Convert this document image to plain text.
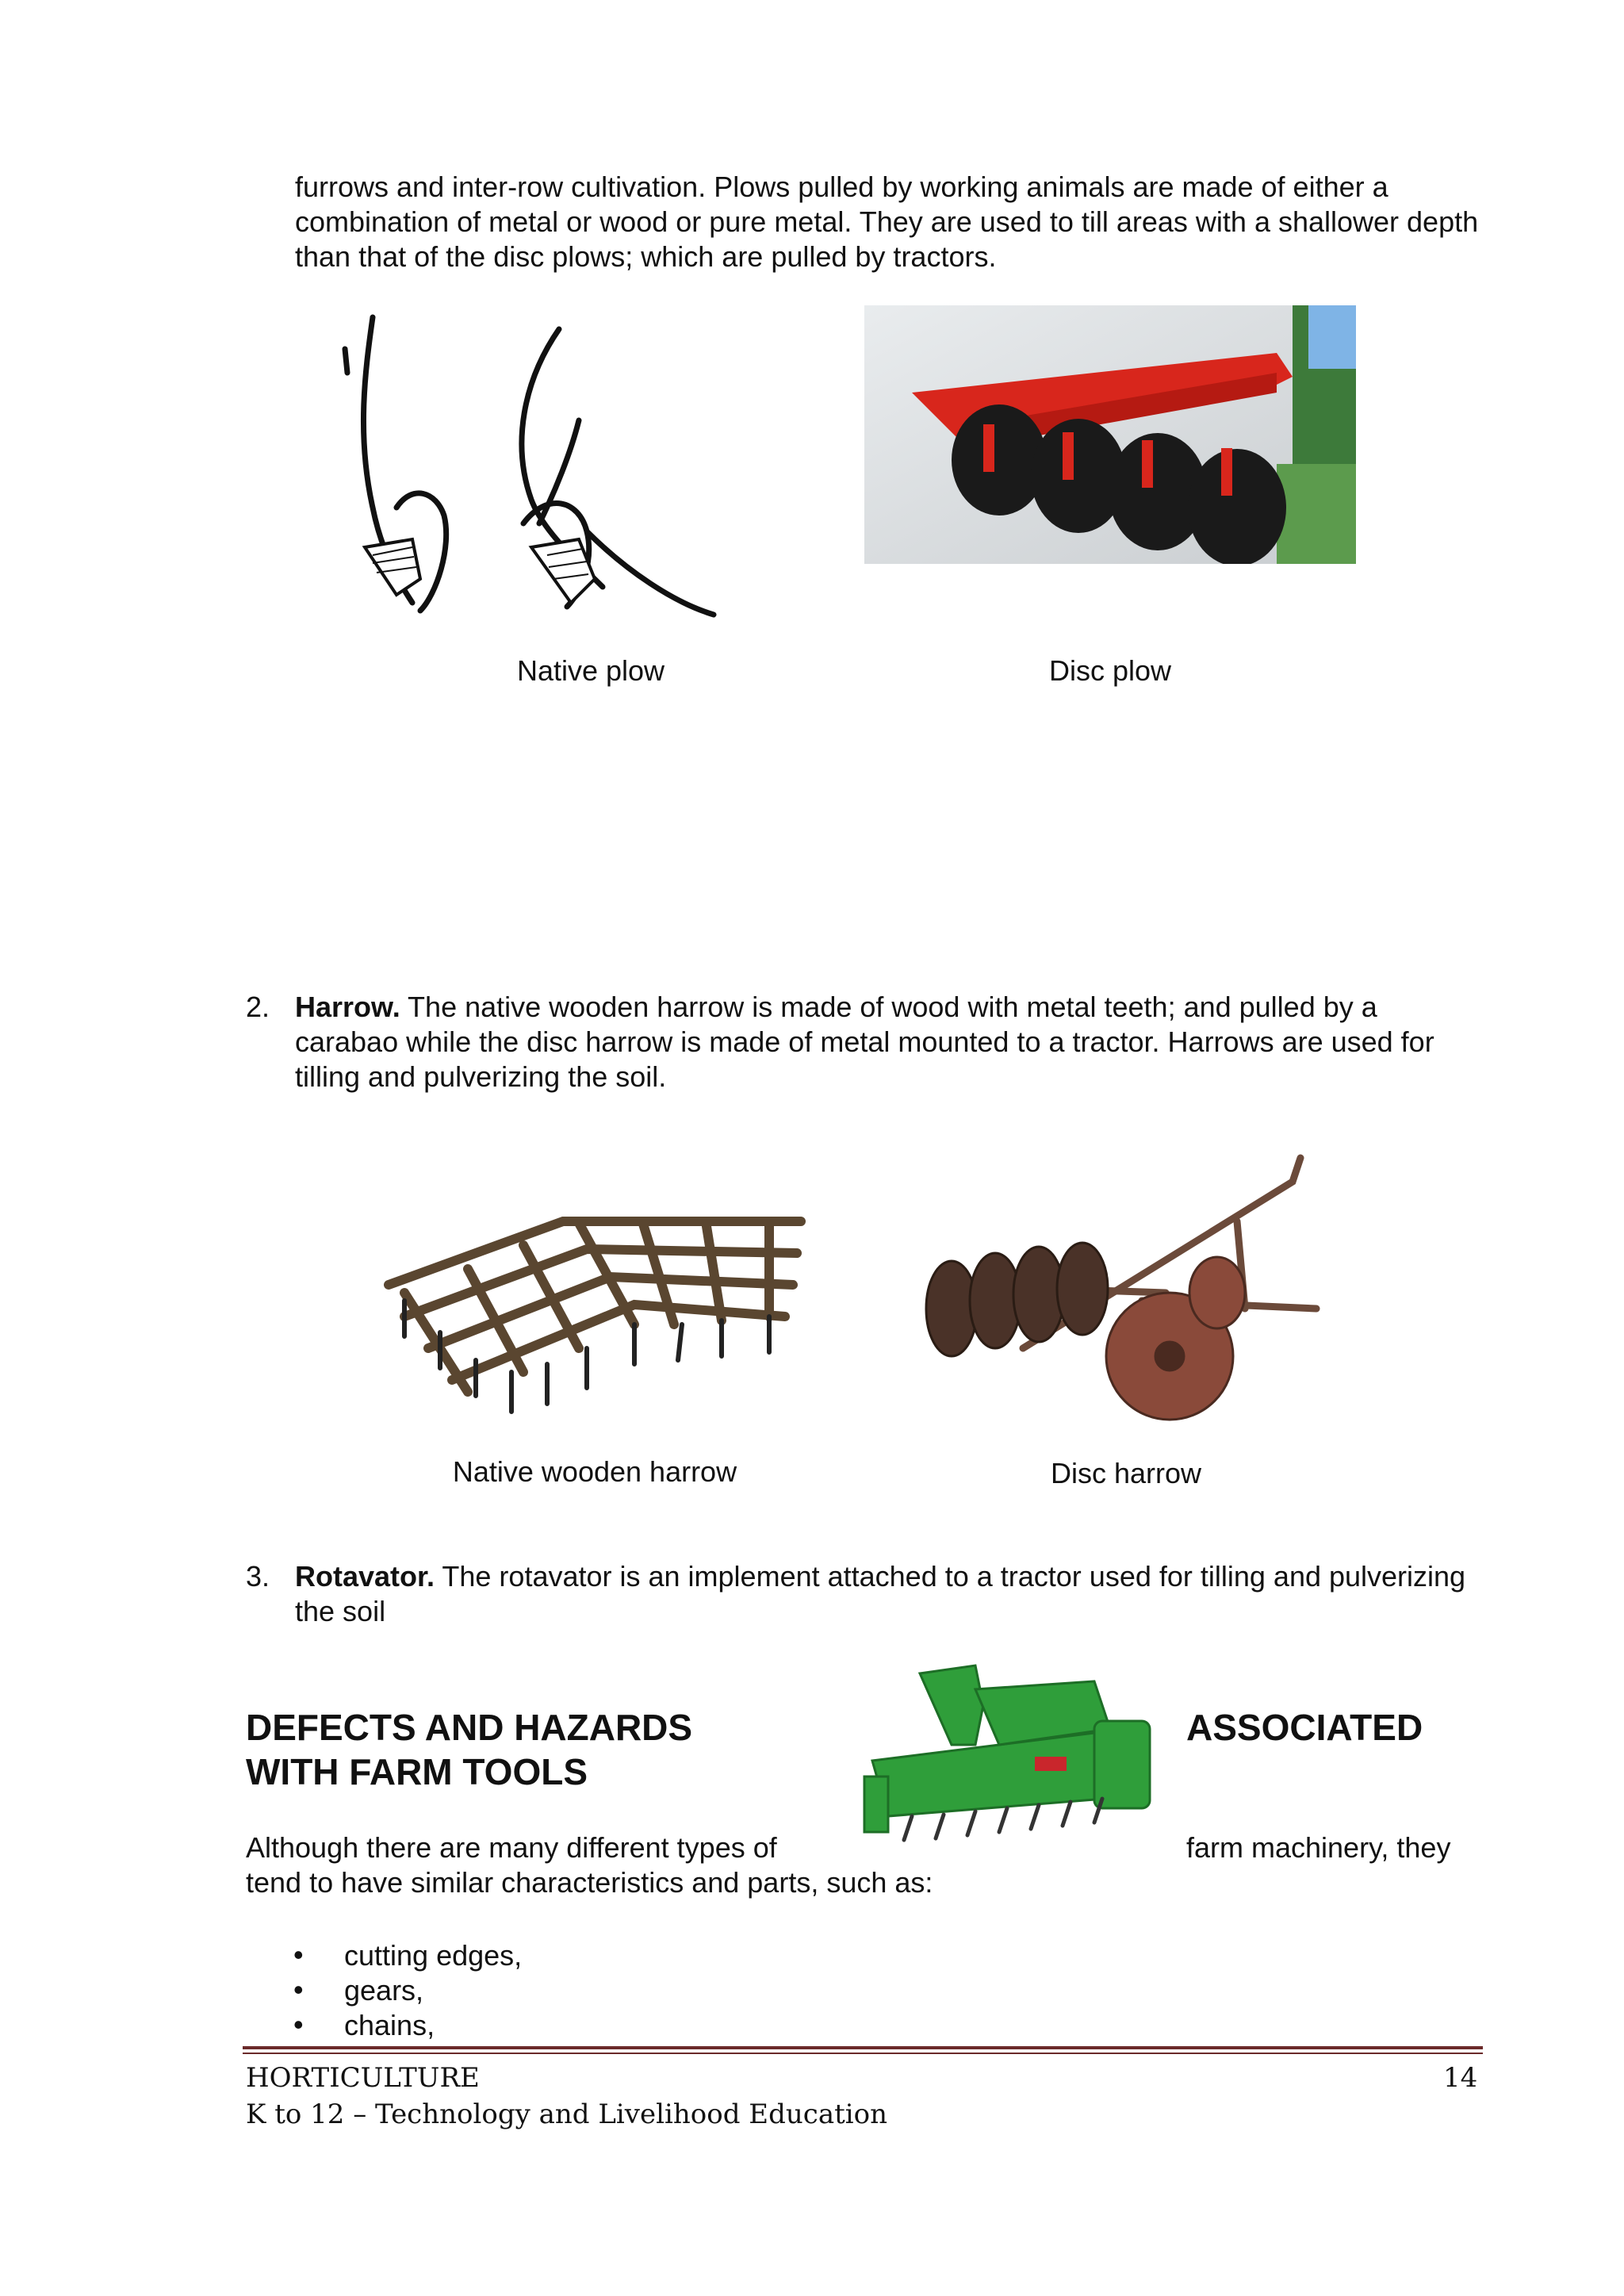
furrows and inter-row cultivation. Plows pulled by working animals are made of either a combination of metal or wood or pure metal. They are used to till areas with a shallower depth than that of the disc plows; which are pulled by tractors.
Native plow	Disc plow
2. Harrow. The native wooden harrow is made of wood with metal teeth; and pulled by a carabao while the disc harrow is made of metal mounted to a tractor. Harrows are used for tilling and pulverizing the soil.
Native wooden harrow	Disc harrow
3. Rotavator. The rotavator is an implement attached to a tractor used for tilling and pulverizing the soil
DEFECTS AND HAZARDS	ASSOCIATED
WITH FARM TOOLS
Although there are many different types of	farm machinery, they
tend to have similar characteristics and parts, such as:
• cutting edges,
• gears,
• chains,
HORTICULTURE	14
K to 12 – Technology and Livelihood Education
